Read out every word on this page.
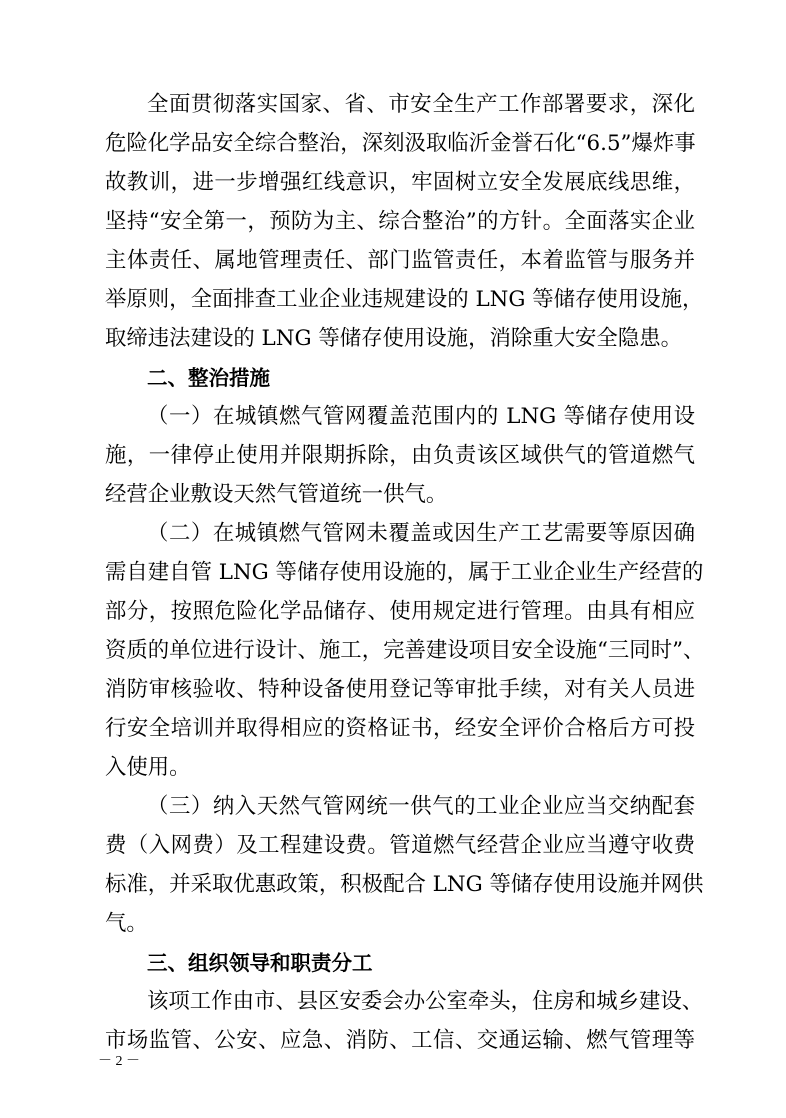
全面贯彻落实国家、省、市安全生产工作部署要求，深化
危险化学品安全综合整治，深刻汲取临沂金誉石化“6.5”爆炸事
故教训，进一步增强红线意识，牢固树立安全发展底线思维，
坚持“安全第一，预防为主、综合整治”的方针。全面落实企业
主体责任、属地管理责任、部门监管责任，本着监管与服务并
举原则，全面排查工业企业违规建设的 LNG 等储存使用设施，
取缔违法建设的 LNG 等储存使用设施，消除重大安全隐患。
二、整治措施
（一）在城镇燃气管网覆盖范围内的 LNG 等储存使用设
施，一律停止使用并限期拆除，由负责该区域供气的管道燃气
经营企业敷设天然气管道统一供气。
（二）在城镇燃气管网未覆盖或因生产工艺需要等原因确
需自建自管 LNG 等储存使用设施的，属于工业企业生产经营的
部分，按照危险化学品储存、使用规定进行管理。由具有相应
资质的单位进行设计、施工，完善建设项目安全设施“三同时”、
消防审核验收、特种设备使用登记等审批手续，对有关人员进
行安全培训并取得相应的资格证书，经安全评价合格后方可投
入使用。
（三）纳入天然气管网统一供气的工业企业应当交纳配套
费（入网费）及工程建设费。管道燃气经营企业应当遵守收费
标准，并采取优惠政策，积极配合 LNG 等储存使用设施并网供
气。
三、组织领导和职责分工
该项工作由市、县区安委会办公室牵头，住房和城乡建设、
市场监管、公安、应急、消防、工信、交通运输、燃气管理等
－ 2 －
